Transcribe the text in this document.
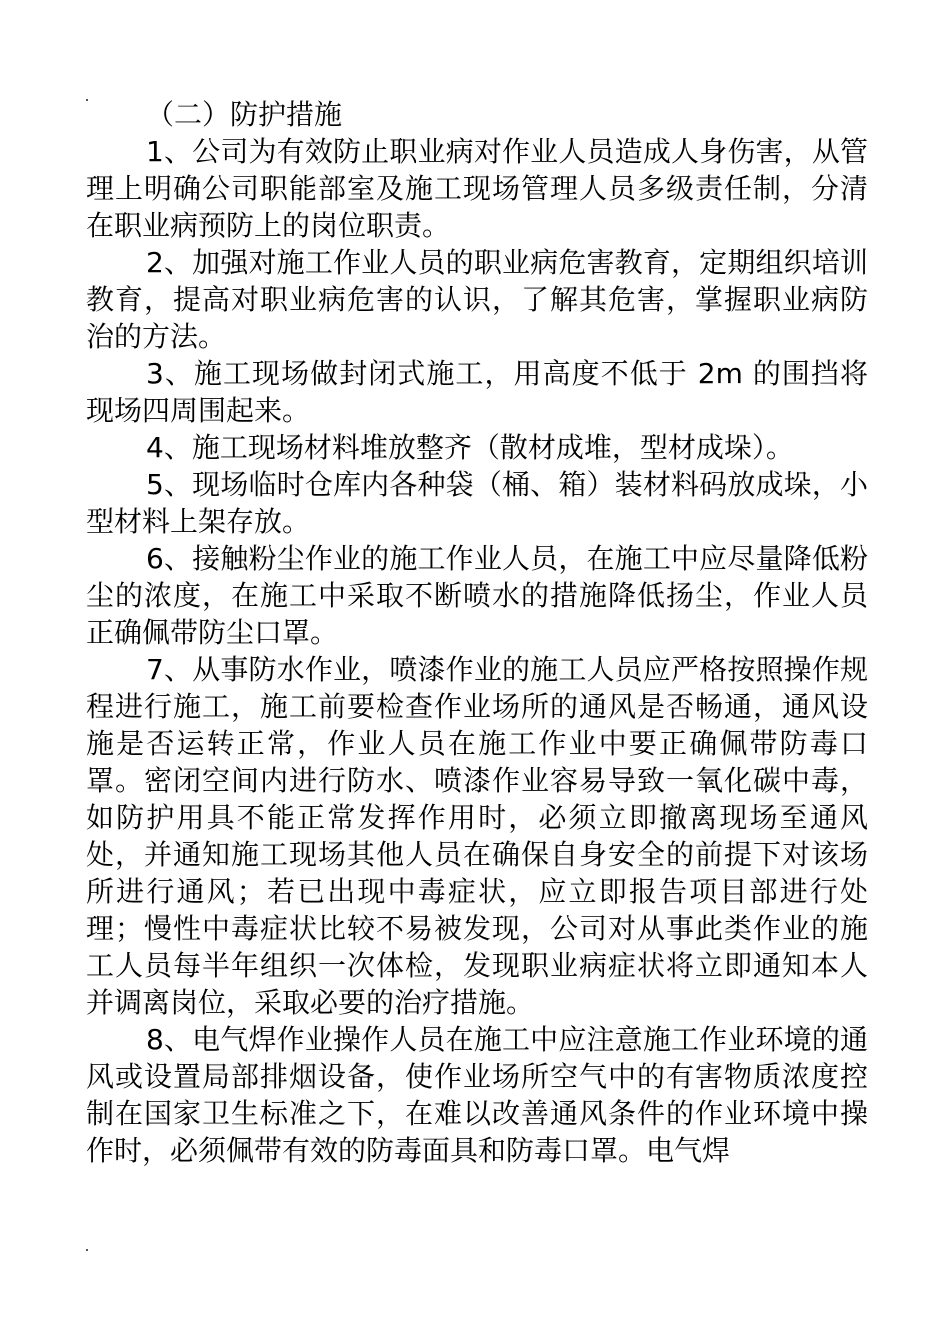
（二）防护措施

1、公司为有效防止职业病对作业人员造成人身伤害，从管理上明确公司职能部室及施工现场管理人员多级责任制，分清在职业病预防上的岗位职责。

2、加强对施工作业人员的职业病危害教育，定期组织培训教育，提高对职业病危害的认识，了解其危害，掌握职业病防治的方法。

3、施工现场做封闭式施工，用高度不低于 2m 的围挡将现场四周围起来。

4、施工现场材料堆放整齐（散材成堆，型材成垛）。

5、现场临时仓库内各种袋（桶、箱）装材料码放成垛，小型材料上架存放。

6、接触粉尘作业的施工作业人员，在施工中应尽量降低粉尘的浓度，在施工中采取不断喷水的措施降低扬尘，作业人员正确佩带防尘口罩。

7、从事防水作业，喷漆作业的施工人员应严格按照操作规程进行施工，施工前要检查作业场所的通风是否畅通，通风设施是否运转正常，作业人员在施工作业中要正确佩带防毒口罩。密闭空间内进行防水、喷漆作业容易导致一氧化碳中毒，如防护用具不能正常发挥作用时，必须立即撤离现场至通风处，并通知施工现场其他人员在确保自身安全的前提下对该场所进行通风；若已出现中毒症状，应立即报告项目部进行处理；慢性中毒症状比较不易被发现，公司对从事此类作业的施工人员每半年组织一次体检，发现职业病症状将立即通知本人并调离岗位，采取必要的治疗措施。

8、电气焊作业操作人员在施工中应注意施工作业环境的通风或设置局部排烟设备，使作业场所空气中的有害物质浓度控制在国家卫生标准之下，在难以改善通风条件的作业环境中操作时，必须佩带有效的防毒面具和防毒口罩。电气焊
